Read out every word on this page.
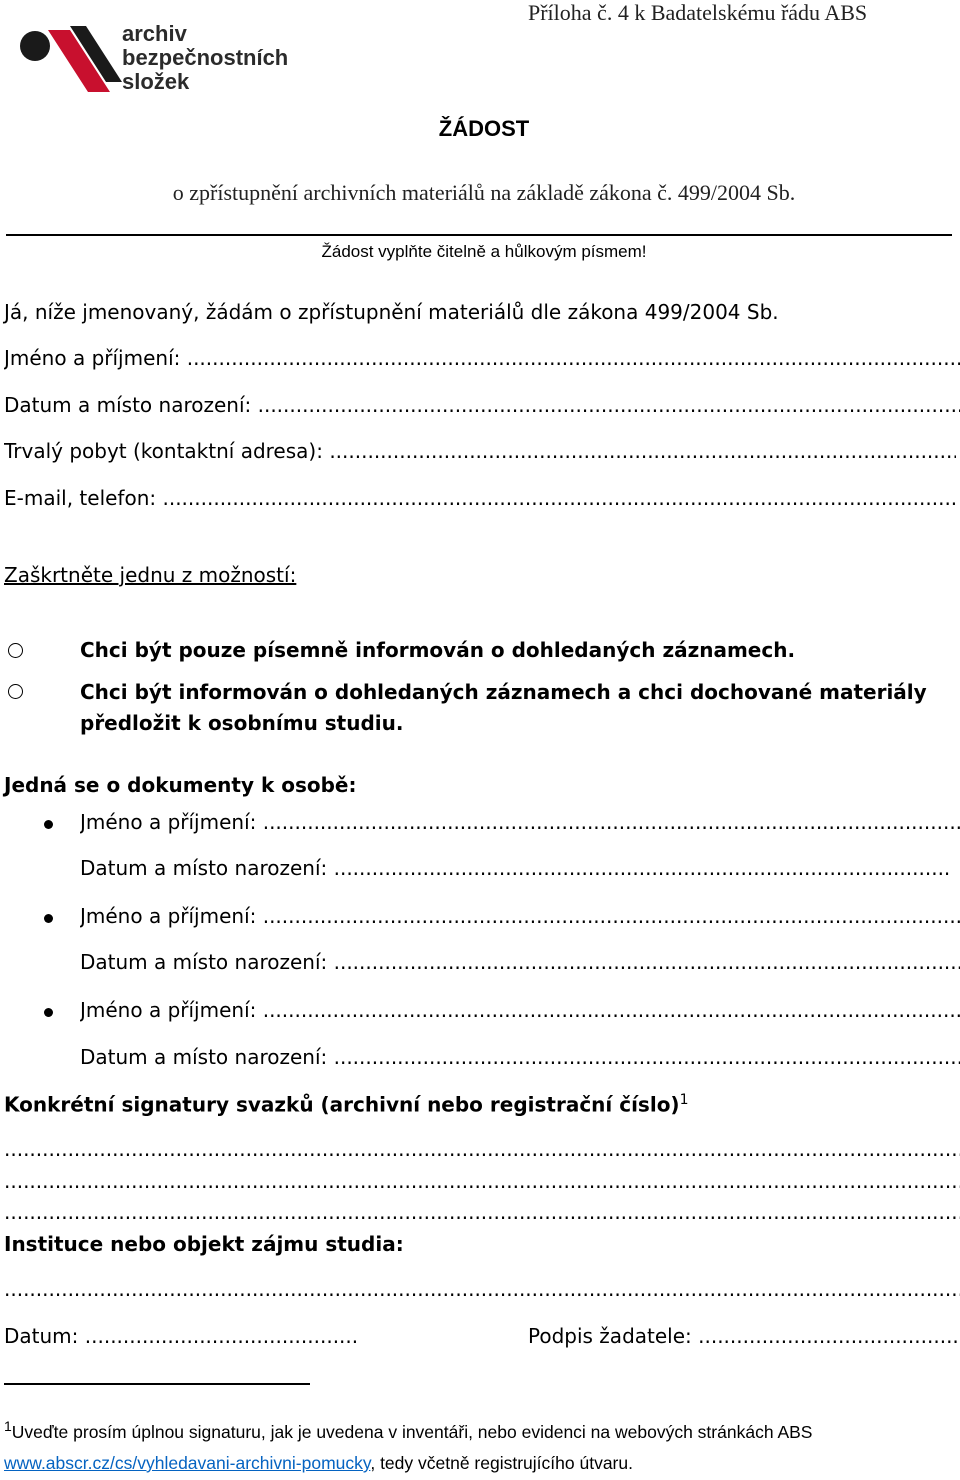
Příloha č. 4 k Badatelskému řádu ABS
archiv
bezpečnostních
složek
ŽÁDOST
o zpřístupnění archivních materiálů na základě zákona č. 499/2004 Sb.
Žádost vyplňte čitelně a hůlkovým písmem!
Já, níže jmenovaný, žádám o zpřístupnění materiálů dle zákona 499/2004 Sb.
Jméno a příjmení: .....
Datum a místo narození: .....
Trvalý pobyt (kontaktní adresa): .....
E-mail, telefon: .....
Zaškrtněte jednu z možností:
Chci být pouze písemně informován o dohledaných záznamech.
Chci být informován o dohledaných záznamech a chci dochované materiály
předložit k osobnímu studiu.
Jedná se o dokumenty k osobě:
Jméno a příjmení: .....
Datum a místo narození: .....
Jméno a příjmení: .....
Datum a místo narození: .....
Jméno a příjmení: .....
Datum a místo narození: .....
Konkrétní signatury svazků (archivní nebo registrační číslo)$^1$
.....
.....
.....
Instituce nebo objekt zájmu studia:
.....
Datum: .....	Podpis žadatele: .....
$^1$Uveďte prosím úplnou signaturu, jak je uvedena v inventáři, nebo evidenci na webových stránkách ABS
www.abscr.cz/cs/vyhledavani-archivni-pomucky, tedy včetně registrujícího útvaru.
